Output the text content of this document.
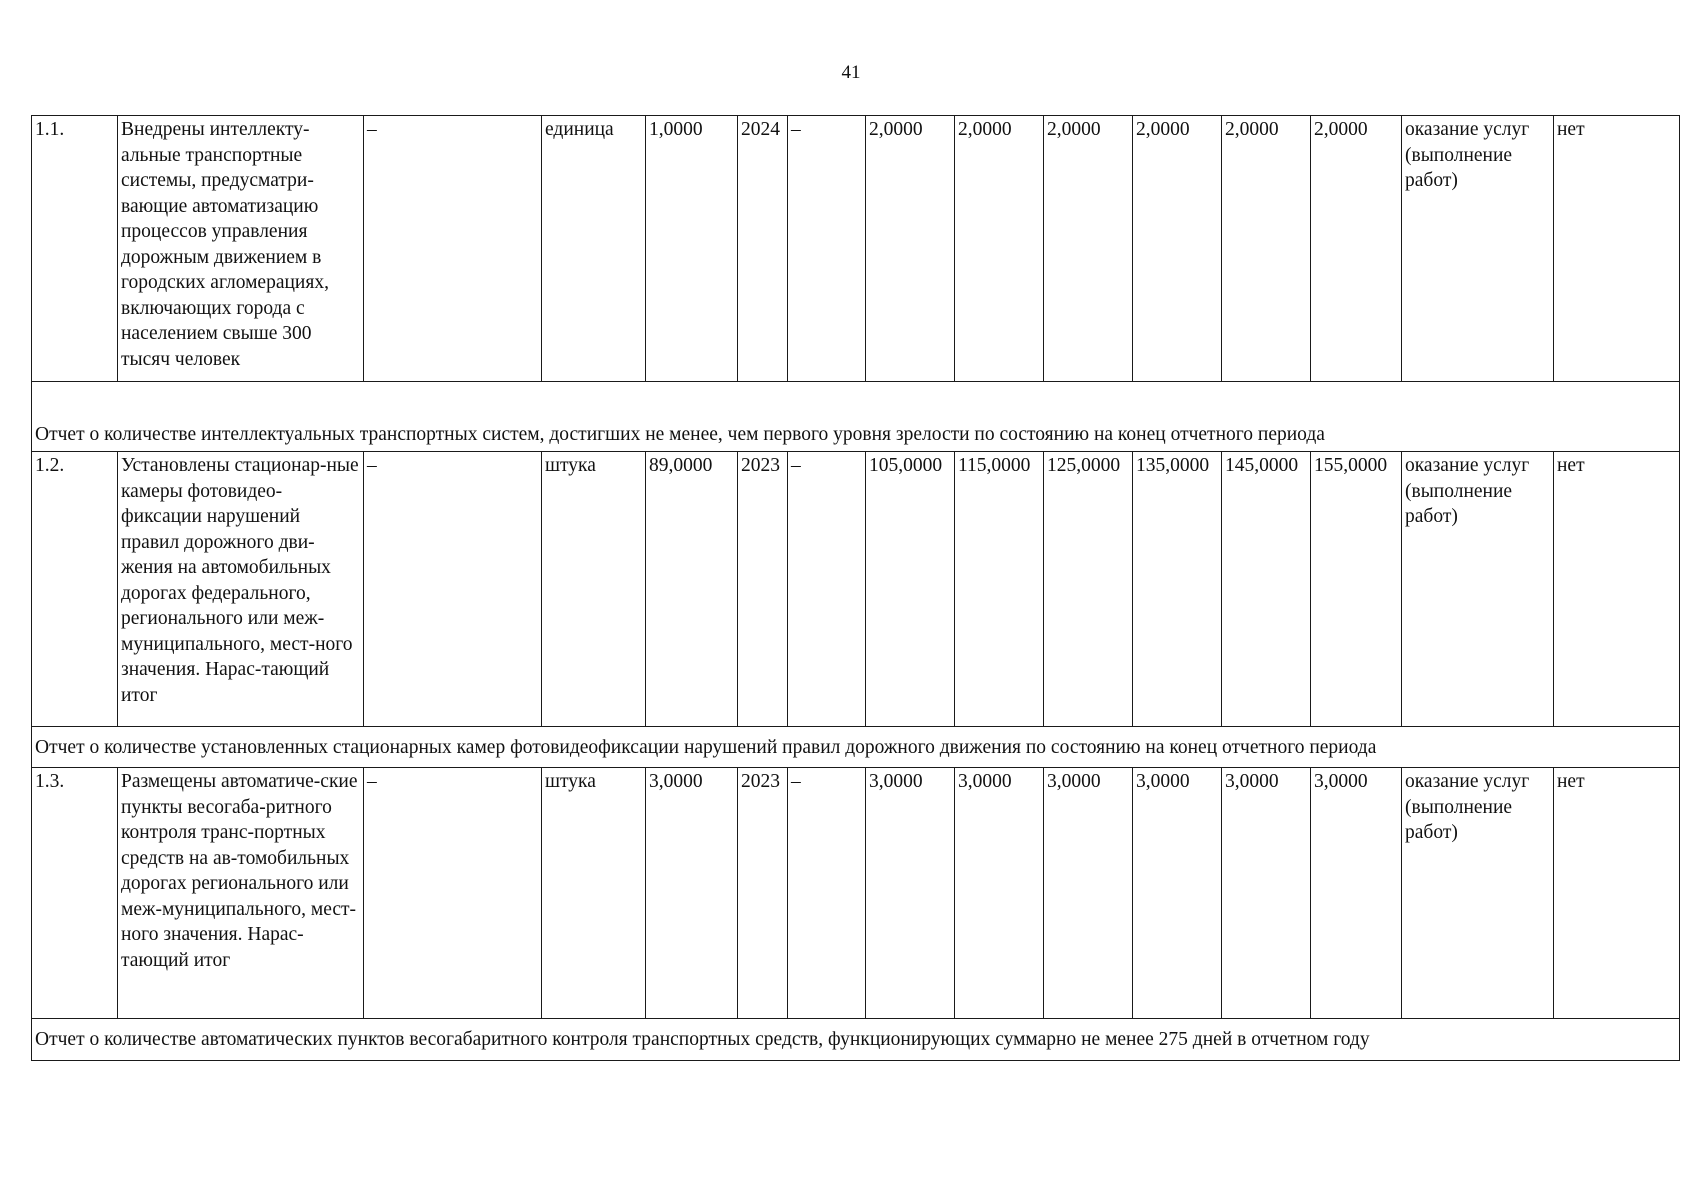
41
1.1.	Внедрены интеллекту-альные транспортные системы, предусматри-вающие автоматизацию процессов управления дорожным движением в городских агломерациях, включающих города с населением свыше 300 тысяч человек	–	единица	1,0000	2024	–	2,0000	2,0000	2,0000	2,0000	2,0000	2,0000	оказание услуг (выполнение работ)	нет
Отчет о количестве интеллектуальных транспортных систем, достигших не менее, чем первого уровня зрелости по состоянию на конец отчетного периода														
1.2.	Установлены стационар-ные камеры фотовидео-фиксации нарушений правил дорожного дви-жения на автомобильных дорогах федерального, регионального или меж-муниципального, мест-ного значения. Нарас-тающий итог	–	штука	89,0000	2023	–	105,0000	115,0000	125,0000	135,0000	145,0000	155,0000	оказание услуг (выполнение работ)	нет
Отчет о количестве установленных стационарных камер фотовидеофиксации нарушений правил дорожного движения по состоянию на конец отчетного периода														
1.3.	Размещены автоматиче-ские пункты весогаба-ритного контроля транс-портных средств на ав-томобильных дорогах регионального или меж-муниципального, мест-ного значения. Нарас-тающий итог	–	штука	3,0000	2023	–	3,0000	3,0000	3,0000	3,0000	3,0000	3,0000	оказание услуг (выполнение работ)	нет
Отчет о количестве автоматических пунктов весогабаритного контроля транспортных средств, функционирующих суммарно не менее 275 дней в отчетном году														
